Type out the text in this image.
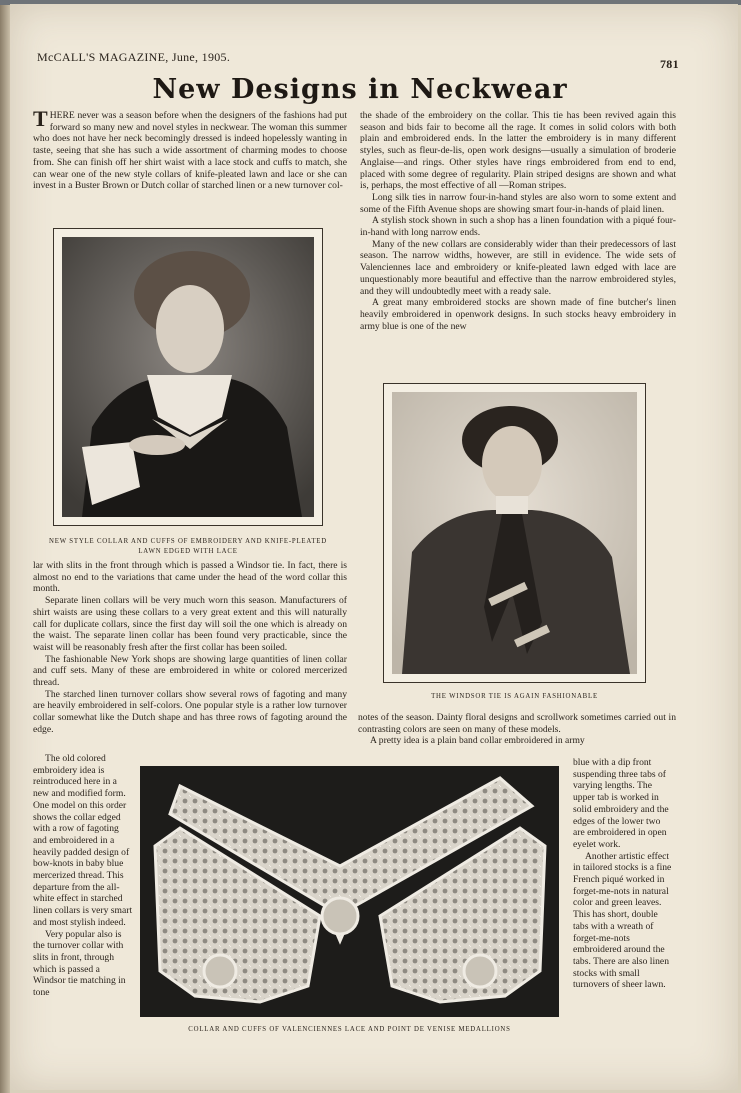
McCALL'S MAGAZINE, June, 1905.	781
New Designs in Neckwear

THERE never was a season before when the designers of the fashions had put forward so many new and novel styles in neckwear. The woman this summer who does not have her neck becomingly dressed is indeed hopelessly wanting in taste, seeing that she has such a wide assortment of charming modes to choose from. She can finish off her shirt waist with a lace stock and cuffs to match, she can wear one of the new style collars of knife-pleated lawn and lace or she can invest in a Buster Brown or Dutch collar of starched linen or a new turnover col-

NEW STYLE COLLAR AND CUFFS OF EMBROIDERY AND KNIFE-PLEATED LAWN EDGED WITH LACE

lar with slits in the front through which is passed a Windsor tie. In fact, there is almost no end to the variations that came under the head of the word collar this month.

Separate linen collars will be very much worn this season. Manufacturers of shirt waists are using these collars to a very great extent and this will naturally call for duplicate collars, since the first day will soil the one which is already on the waist. The separate linen collar has been found very practicable, since the waist will be reasonably fresh after the first collar has been soiled.

The fashionable New York shops are showing large quantities of linen collar and cuff sets. Many of these are embroidered in white or colored mercerized thread.

The starched linen turnover collars show several rows of fagoting and many are heavily embroidered in self-colors. One popular style is a rather low turnover collar somewhat like the Dutch shape and has three rows of fagoting around the edge.

The old colored embroidery idea is reintroduced here in a new and modified form. One model on this order shows the collar edged with a row of fagoting and embroidered in a heavily padded design of bow-knots in baby blue mercerized thread. This departure from the all-white effect in starched linen collars is very smart and most stylish indeed.

Very popular also is the turnover collar with slits in front, through which is passed a Windsor tie matching in tone

the shade of the embroidery on the collar. This tie has been revived again this season and bids fair to become all the rage. It comes in solid colors with both plain and embroidered ends. In the latter the embroidery is in many different styles, such as fleur-de-lis, open work designs—usually a simulation of broderie Anglaise—and rings. Other styles have rings embroidered from end to end, placed with some degree of regularity. Plain striped designs are shown and what is, perhaps, the most effective of all —Roman stripes.

Long silk ties in narrow four-in-hand styles are also worn to some extent and some of the Fifth Avenue shops are showing smart four-in-hands of plaid linen.

A stylish stock shown in such a shop has a linen foundation with a piqué four-in-hand with long narrow ends.

Many of the new collars are considerably wider than their predecessors of last season. The narrow widths, however, are still in evidence. The wide sets of Valenciennes lace and embroidery or knife-pleated lawn edged with lace are unquestionably more beautiful and effective than the narrow embroidered styles, and they will undoubtedly meet with a ready sale.

A great many embroidered stocks are shown made of fine butcher's linen heavily embroidered in openwork designs. In such stocks heavy embroidery in army blue is one of the new

THE WINDSOR TIE IS AGAIN FASHIONABLE

notes of the season. Dainty floral designs and scrollwork sometimes carried out in contrasting colors are seen on many of these models.

A pretty idea is a plain band collar embroidered in army

blue with a dip front suspending three tabs of varying lengths. The upper tab is worked in solid embroidery and the edges of the lower two are embroidered in open eyelet work.

Another artistic effect in tailored stocks is a fine French piqué worked in forget-me-nots in natural color and green leaves. This has short, double tabs with a wreath of forget-me-nots embroidered around the tabs. There are also linen stocks with small turnovers of sheer lawn.

COLLAR AND CUFFS OF VALENCIENNES LACE AND POINT DE VENISE MEDALLIONS
